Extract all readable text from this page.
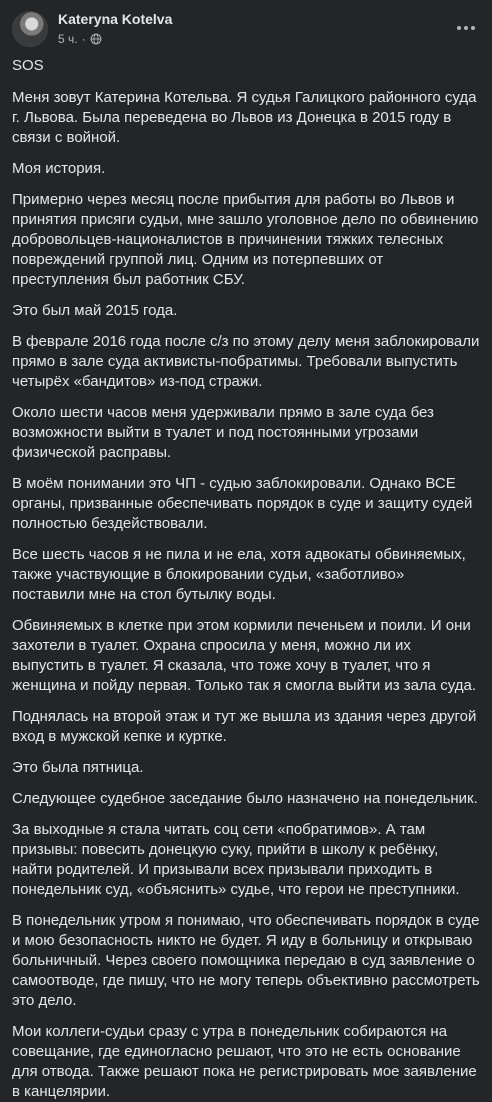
Kateryna Kotelva
5 ч. ·

SOS

Меня зовут Катерина Котельва. Я судья Галицкого районного суда г. Львова. Была переведена во Львов из Донецка в 2015 году в связи с войной.

Моя история.

Примерно через месяц после прибытия для работы во Львов и принятия присяги судьи, мне зашло уголовное дело по обвинению добровольцев-националистов в причинении тяжких телесных повреждений группой лиц. Одним из потерпевших от преступления был работник СБУ.

Это был май 2015 года.

В феврале 2016 года после с/з по этому делу меня заблокировали прямо в зале суда активисты-побратимы. Требовали выпустить четырёх «бандитов» из-под стражи.

Около шести часов меня удерживали прямо в зале суда без возможности выйти в туалет и под постоянными угрозами физической расправы.

В моём понимании это ЧП - судью заблокировали. Однако ВСЕ органы, призванные обеспечивать порядок в суде и защиту судей полностью бездействовали.

Все шесть часов я не пила и не ела, хотя адвокаты обвиняемых, также участвующие в блокировании судьи, «заботливо» поставили мне на стол бутылку воды.

Обвиняемых в клетке при этом кормили печеньем и поили. И они захотели в туалет. Охрана спросила у меня, можно ли их выпустить в туалет. Я сказала, что тоже хочу в туалет, что я женщина и пойду первая. Только так я смогла выйти из зала суда.

Поднялась на второй этаж и тут же вышла из здания через другой вход в мужской кепке и куртке.

Это была пятница.

Следующее судебное заседание было назначено на понедельник.

За выходные я стала читать соц сети «побратимов». А там призывы: повесить донецкую суку, прийти в школу к ребёнку, найти родителей. И призывали всех призывали приходить в понедельник суд, «объяснить» судье, что герои не преступники.

В понедельник утром я понимаю, что обеспечивать порядок в суде и мою безопасность никто не будет. Я иду в больницу и открываю больничный. Через своего помощника передаю в суд заявление о самоотводе, где пишу, что не могу теперь объективно рассмотреть это дело.

Мои коллеги-судьи сразу с утра в понедельник собираются на совещание, где единогласно решают, что это не есть основание для отвода. Также решают пока не регистрировать мое заявление в канцелярии.
